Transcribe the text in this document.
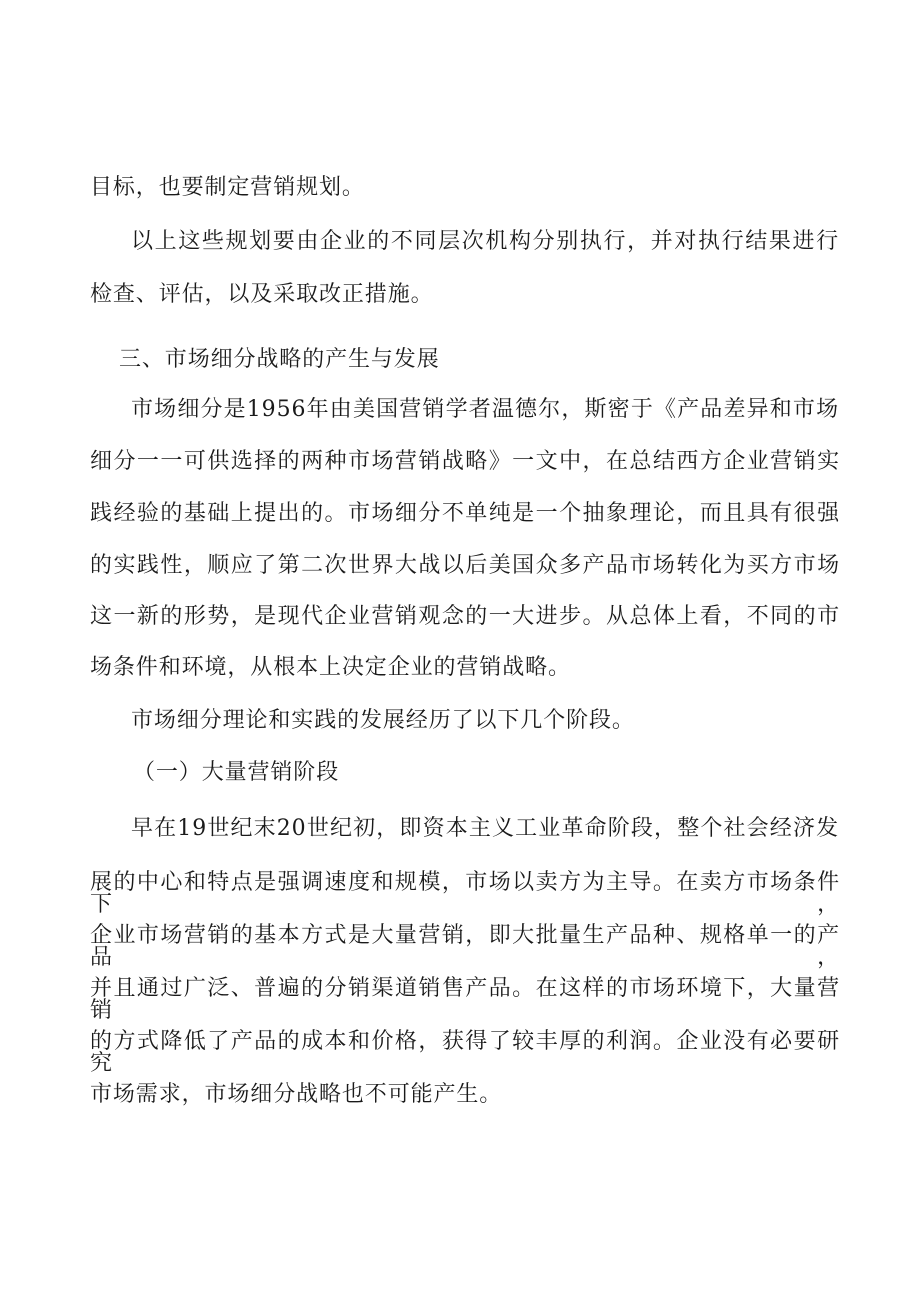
目标，也要制定营销规划。
以上这些规划要由企业的不同层次机构分别执行，并对执行结果进行
检查、评估，以及采取改正措施。
三、市场细分战略的产生与发展
市场细分是1956年由美国营销学者温德尔，斯密于《产品差异和市场
细分一一可供选择的两种市场营销战略》一文中，在总结西方企业营销实
践经验的基础上提出的。市场细分不单纯是一个抽象理论，而且具有很强
的实践性，顺应了第二次世界大战以后美国众多产品市场转化为买方市场
这一新的形势，是现代企业营销观念的一大进步。从总体上看，不同的市
场条件和环境，从根本上决定企业的营销战略。
市场细分理论和实践的发展经历了以下几个阶段。
（一）大量营销阶段
早在19世纪末20世纪初，即资本主义工业革命阶段，整个社会经济发
展的中心和特点是强调速度和规模，市场以卖方为主导。在卖方市场条件下，
企业市场营销的基本方式是大量营销，即大批量生产品种、规格单一的产品，
并且通过广泛、普遍的分销渠道销售产品。在这样的市场环境下，大量营销
的方式降低了产品的成本和价格，获得了较丰厚的利润。企业没有必要研究
市场需求，市场细分战略也不可能产生。
